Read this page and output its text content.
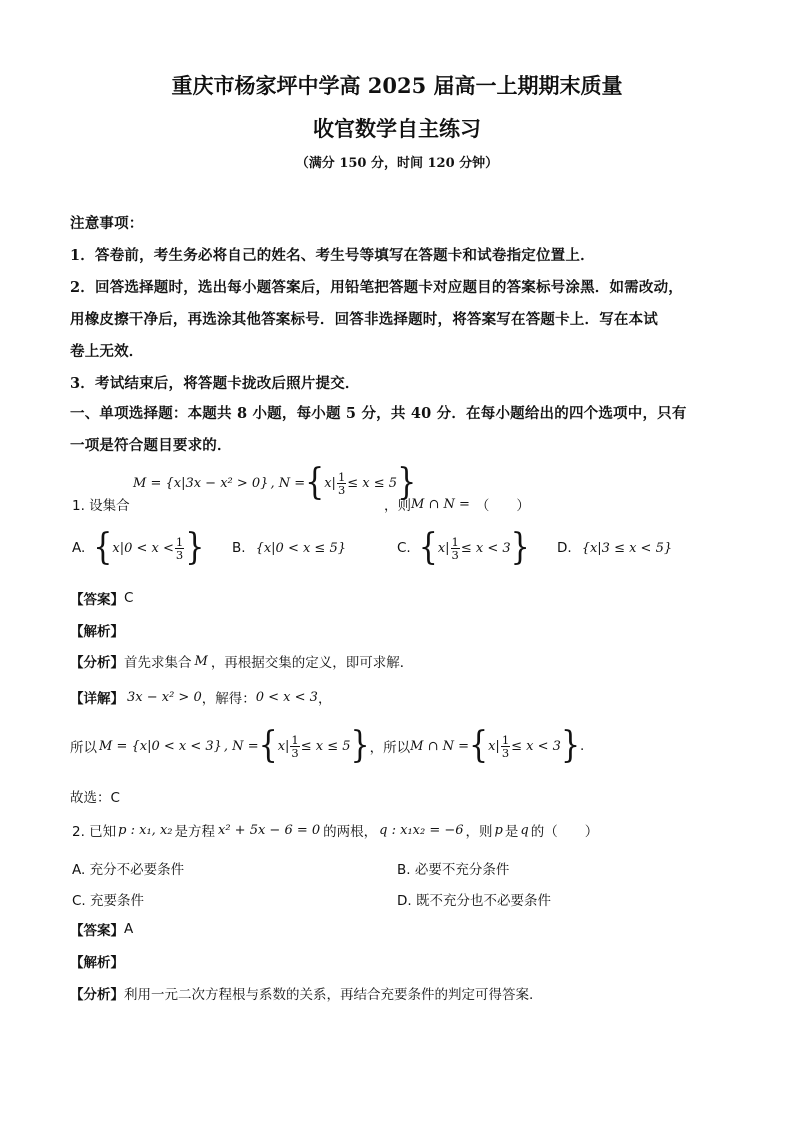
重庆市杨家坪中学高 2025 届高一上期期末质量
收官数学自主练习
（满分 150 分，时间 120 分钟）
注意事项：
1．答卷前，考生务必将自己的姓名、考生号等填写在答题卡和试卷指定位置上．
2．回答选择题时，选出每小题答案后，用铅笔把答题卡对应题目的答案标号涂黑．如需改动，
用橡皮擦干净后，再选涂其他答案标号．回答非选择题时，将答案写在答题卡上．写在本试
卷上无效．
3．考试结束后，将答题卡拢改后照片提交．
一、单项选择题：本题共 8 小题，每小题 5 分，共 40 分．在每小题给出的四个选项中，只有
一项是符合题目要求的．
M = {x|3x − x² > 0} , N = { $x| \frac{1}{3} \le x \le 5$ }
1. 设集合	，则 M ∩ N = （　　）
A. { $x|0 < x < \frac{1}{3}$ } B. {x|0 < x ≤ 5}	C. { $x| \frac{1}{3} \le x < 3$ } D. {x|3 ≤ x < 5}
【答案】 C
【解析】
【分析】 首先求集合 M ，再根据交集的定义，即可求解．
【详解】 3x − x² > 0 ，解得： 0 < x < 3 ，
所以 M = {x|0 < x < 3} , N = { $x| \frac{1}{3} \le x \le 5$ } ，所以 M ∩ N = { $x| \frac{1}{3} \le x < 3$ } .
故选：C
2. 已知 p : x₁, x₂ 是方程 x² + 5x − 6 = 0 的两根， q : x₁x₂ = −6 ，则 p 是 q 的（　　）
A. 充分不必要条件	B. 必要不充分条件
C. 充要条件	D. 既不充分也不必要条件
【答案】 A
【解析】
【分析】 利用一元二次方程根与系数的关系，再结合充要条件的判定可得答案.
